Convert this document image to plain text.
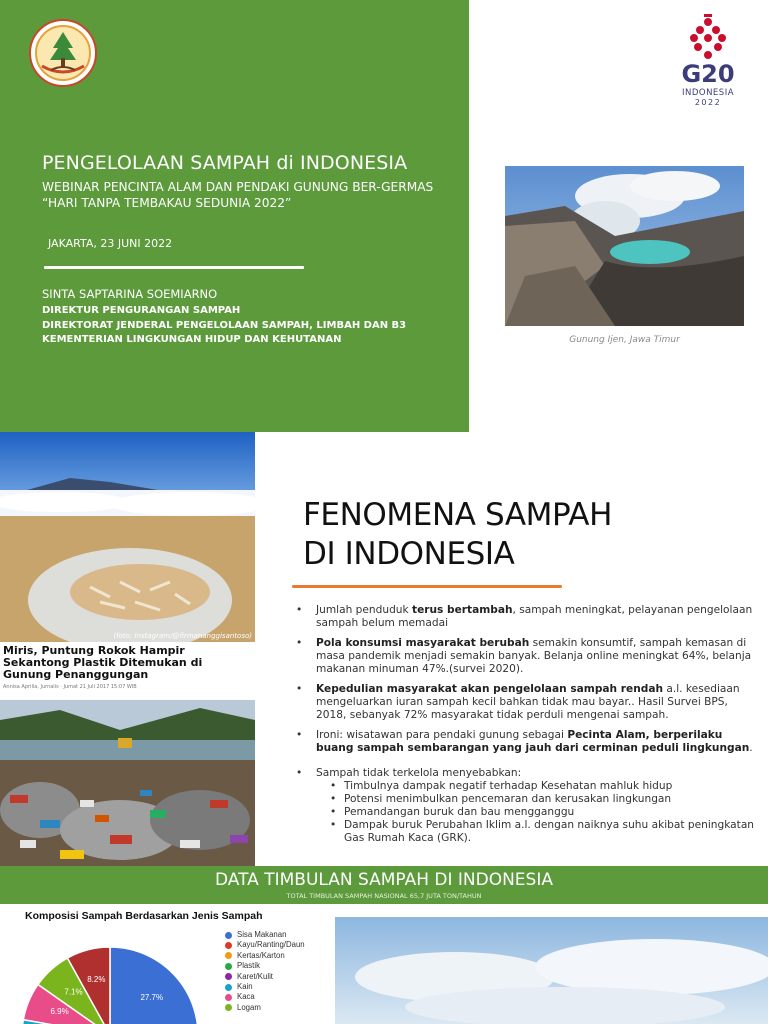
PENGELOLAAN SAMPAH di INDONESIA
WEBINAR PENCINTA ALAM DAN PENDAKI GUNUNG BER-GERMAS
“HARI TANPA TEMBAKAU SEDUNIA 2022”
JAKARTA, 23 JUNI 2022
SINTA SAPTARINA SOEMIARNO
DIREKTUR PENGURANGAN SAMPAH
DIREKTORAT JENDERAL PENGELOLAAN SAMPAH, LIMBAH DAN B3
KEMENTERIAN LINGKUNGAN HIDUP DAN KEHUTANAN
G20
INDONESIA
2022
Gunung Ijen, Jawa Timur
(foto: Instagram/@firmananggisantoso)
Miris, Puntung Rokok Hampir
Sekantong Plastik Ditemukan di
Gunung Penanggungan
Annisa Aprilia, Jurnalis · Jumat 21 Juli 2017 15:07 WIB
FENOMENA SAMPAH
DI INDONESIA
• Jumlah penduduk terus bertambah, sampah meningkat, pelayanan pengelolaan sampah belum memadai
• Pola konsumsi masyarakat berubah semakin konsumtif, sampah kemasan di masa pandemik menjadi semakin banyak. Belanja online meningkat 64%, belanja makanan minuman 47%.(survei 2020).
• Kepedulian masyarakat akan pengelolaan sampah rendah a.l. kesediaan mengeluarkan iuran sampah kecil bahkan tidak mau bayar.. Hasil Survei BPS, 2018, sebanyak 72% masyarakat tidak perduli mengenai sampah.
• Ironi: wisatawan para pendaki gunung sebagai Pecinta Alam, berperilaku buang sampah sembarangan yang jauh dari cerminan peduli lingkungan.
• Sampah tidak terkelola menyebabkan:
• Timbulnya dampak negatif terhadap Kesehatan mahluk hidup
• Potensi menimbulkan pencemaran dan kerusakan lingkungan
• Pemandangan buruk dan bau mengganggu
• Dampak buruk Perubahan Iklim a.l. dengan naiknya suhu akibat peningkatan Gas Rumah Kaca (GRK).
DATA TIMBULAN SAMPAH DI INDONESIA
TOTAL TIMBULAN SAMPAH NASIONAL 65,7 JUTA TON/TAHUN
Komposisi Sampah Berdasarkan Jenis Sampah
27.7%
8.2%
7.1%
6.9%
Sisa Makanan
Kayu/Ranting/Daun
Kertas/Karton
Plastik
Karet/Kulit
Kain
Kaca
Logam
